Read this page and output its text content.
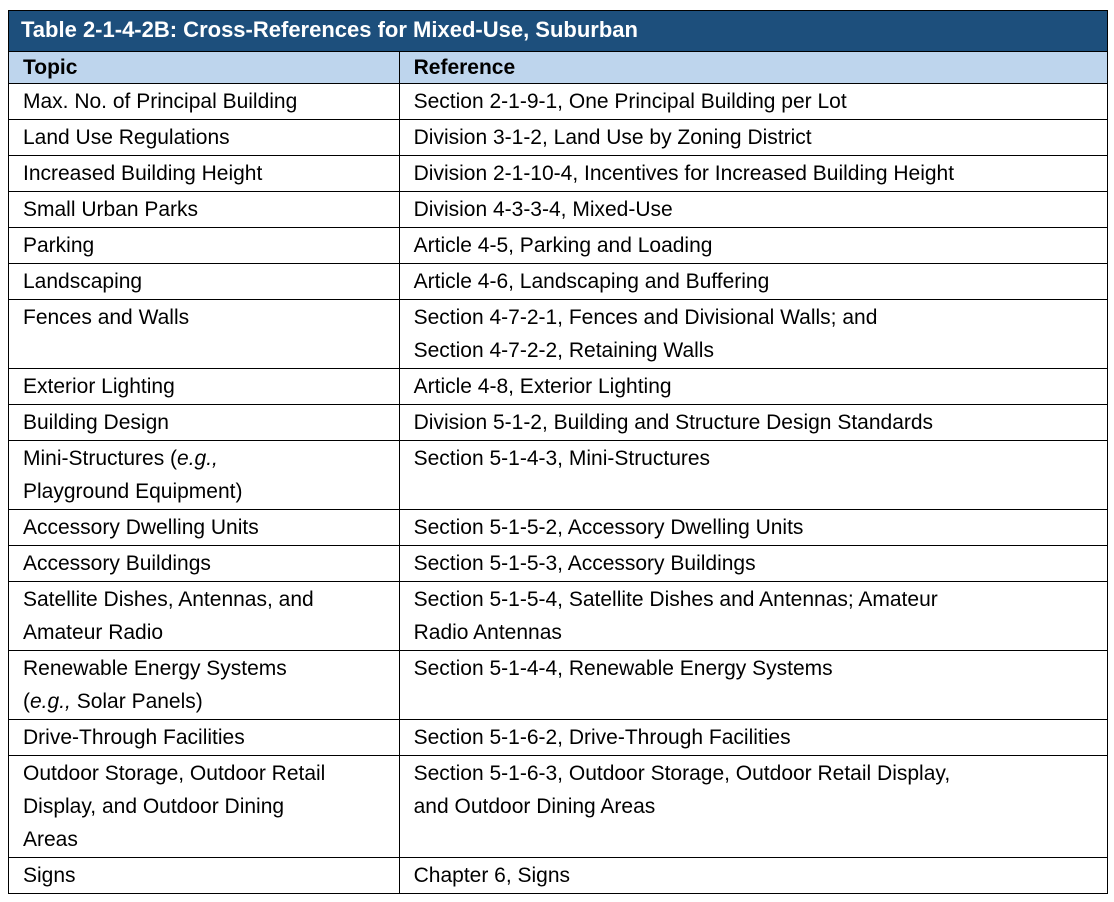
Table 2-1-4-2B: Cross-References for Mixed-Use, Suburban	
Topic	Reference

Max. No. of Principal Building	Section 2-1-9-1, One Principal Building per Lot

Land Use Regulations	Division 3-1-2, Land Use by Zoning District

Increased Building Height	Division 2-1-10-4, Incentives for Increased Building Height

Small Urban Parks	Division 4-3-3-4, Mixed-Use

Parking	Article 4-5, Parking and Loading

Landscaping	Article 4-6, Landscaping and Buffering

Fences and Walls	Section 4-7-2-1, Fences and Divisional Walls; and
Section 4-7-2-2, Retaining Walls

Exterior Lighting	Article 4-8, Exterior Lighting

Building Design	Division 5-1-2, Building and Structure Design Standards

Mini-Structures (e.g.,
Playground Equipment)	Section 5-1-4-3, Mini-Structures

Accessory Dwelling Units	Section 5-1-5-2, Accessory Dwelling Units

Accessory Buildings	Section 5-1-5-3, Accessory Buildings

Satellite Dishes, Antennas, and
Amateur Radio	Section 5-1-5-4, Satellite Dishes and Antennas; Amateur
Radio Antennas

Renewable Energy Systems
(e.g., Solar Panels)	Section 5-1-4-4, Renewable Energy Systems

Drive-Through Facilities	Section 5-1-6-2, Drive-Through Facilities

Outdoor Storage, Outdoor Retail
Display, and Outdoor Dining
Areas	Section 5-1-6-3, Outdoor Storage, Outdoor Retail Display,
and Outdoor Dining Areas

Signs	Chapter 6, Signs
